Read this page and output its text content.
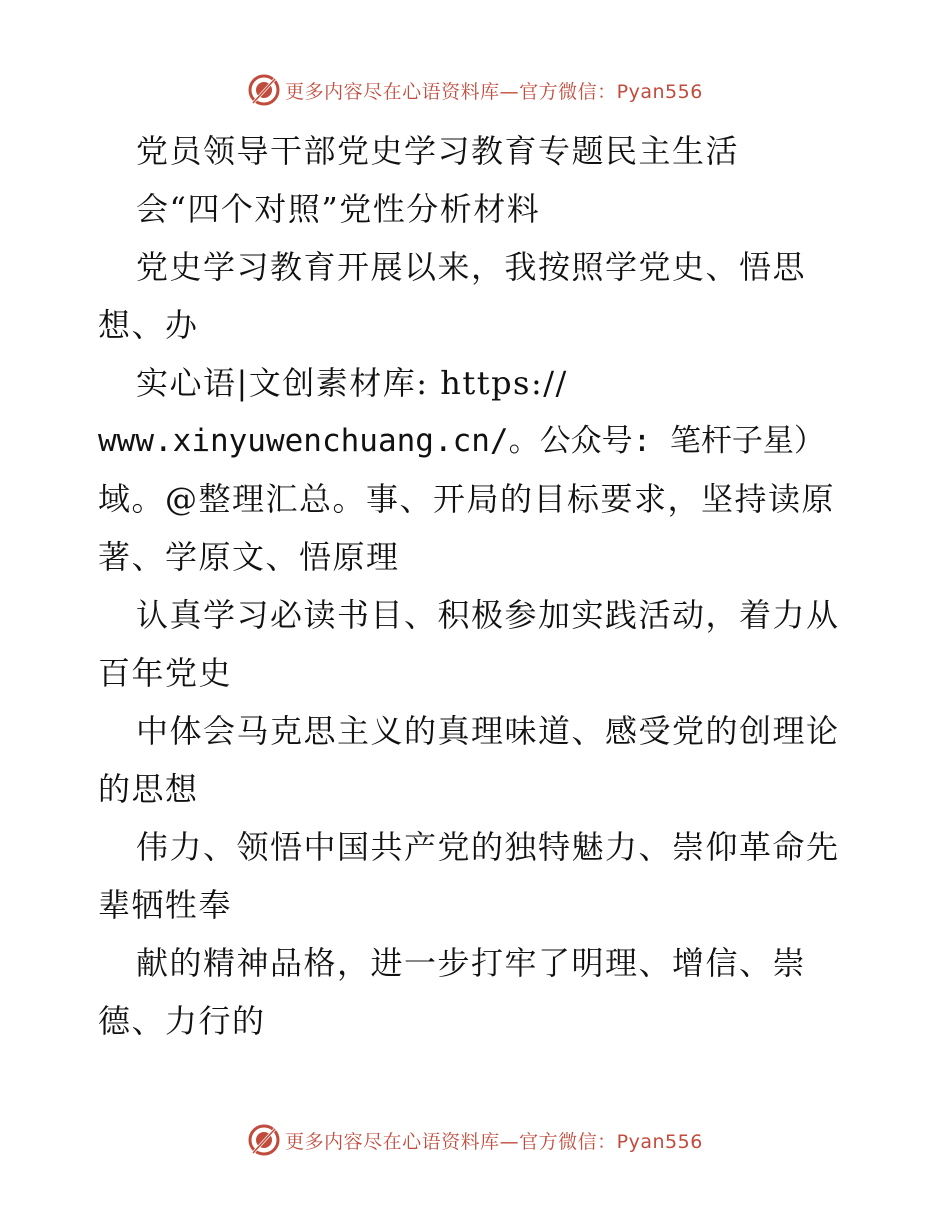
更多内容尽在心语资料库—官方微信：Pyan556
党员领导干部党史学习教育专题民主生活
会“四个对照”党性分析材料
党史学习教育开展以来，我按照学党史、悟思
想、办
实心语|文创素材库: https://
www.xinyuwenchuang.cn/。公众号: 笔杆子星）
域。@整理汇总。事、开局的目标要求，坚持读原
著、学原文、悟原理
认真学习必读书目、积极参加实践活动，着力从
百年党史
中体会马克思主义的真理味道、感受党的创理论
的思想
伟力、领悟中国共产党的独特魅力、崇仰革命先
辈牺牲奉
献的精神品格，进一步打牢了明理、增信、崇
德、力行的
更多内容尽在心语资料库—官方微信：Pyan556
